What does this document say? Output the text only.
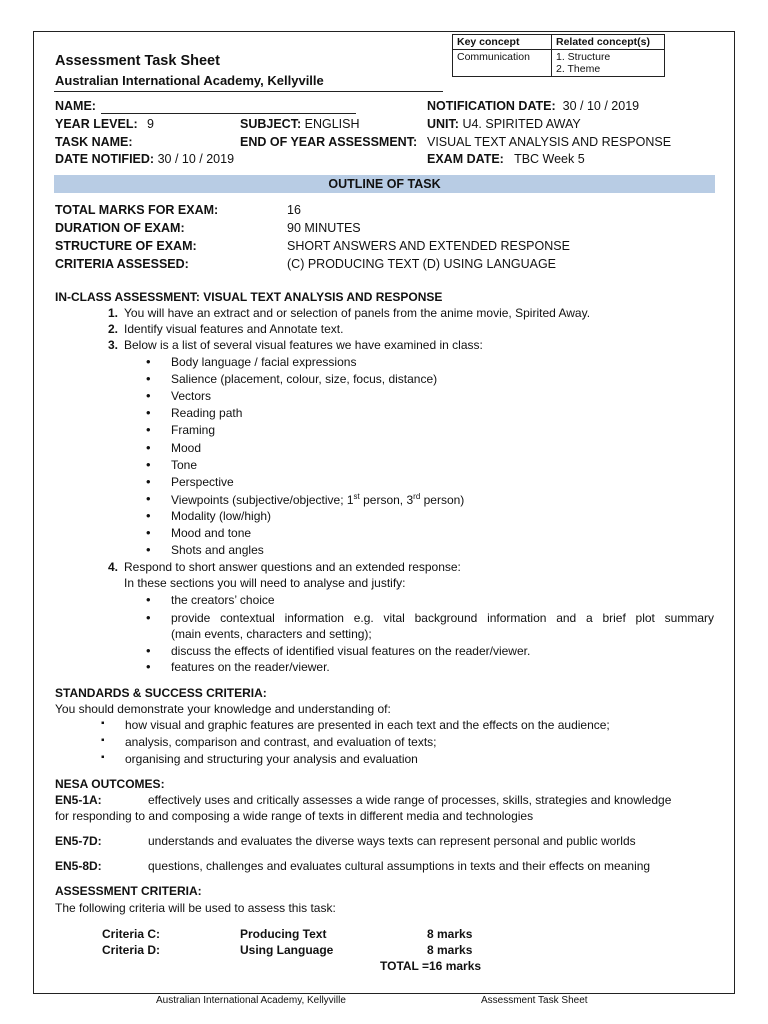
Assessment Task Sheet
Australian International Academy, Kellyville
Key concept	Related concept(s)
Communication	1. Structure
2. Theme
NAME:	NOTIFICATION DATE: 30 / 10 / 2019
YEAR LEVEL: 9	SUBJECT: ENGLISH	UNIT: U4. SPIRITED AWAY
TASK NAME:	END OF YEAR ASSESSMENT: VISUAL TEXT ANALYSIS AND RESPONSE
DATE NOTIFIED: 30 / 10 / 2019	EXAM DATE: TBC Week 5
OUTLINE OF TASK
TOTAL MARKS FOR EXAM:	16
DURATION OF EXAM:	90 MINUTES
STRUCTURE OF EXAM:	SHORT ANSWERS AND EXTENDED RESPONSE
CRITERIA ASSESSED:	(C) PRODUCING TEXT (D) USING LANGUAGE
IN-CLASS ASSESSMENT: VISUAL TEXT ANALYSIS AND RESPONSE
1. You will have an extract and or selection of panels from the anime movie, Spirited Away.
2. Identify visual features and Annotate text.
3. Below is a list of several visual features we have examined in class:
• Body language / facial expressions
• Salience (placement, colour, size, focus, distance)
• Vectors
• Reading path
• Framing
• Mood
• Tone
• Perspective
• Viewpoints (subjective/objective; 1st person, 3rd person)
• Modality (low/high)
• Mood and tone
• Shots and angles
4. Respond to short answer questions and an extended response:
In these sections you will need to analyse and justify:
• the creators’ choice
• provide contextual information e.g. vital background information and a brief plot summary
(main events, characters and setting);
• discuss the effects of identified visual features on the reader/viewer.
• features on the reader/viewer.
STANDARDS & SUCCESS CRITERIA:
You should demonstrate your knowledge and understanding of:
▪ how visual and graphic features are presented in each text and the effects on the audience;
▪ analysis, comparison and contrast, and evaluation of texts;
▪ organising and structuring your analysis and evaluation
NESA OUTCOMES:
EN5-1A:	effectively uses and critically assesses a wide range of processes, skills, strategies and knowledge
for responding to and composing a wide range of texts in different media and technologies
EN5-7D:	understands and evaluates the diverse ways texts can represent personal and public worlds
EN5-8D:	questions, challenges and evaluates cultural assumptions in texts and their effects on meaning
ASSESSMENT CRITERIA:
The following criteria will be used to assess this task:
Criteria C:	Producing Text	8 marks
Criteria D:	Using Language	8 marks
TOTAL =16 marks
Australian International Academy, Kellyville	Assessment Task Sheet
